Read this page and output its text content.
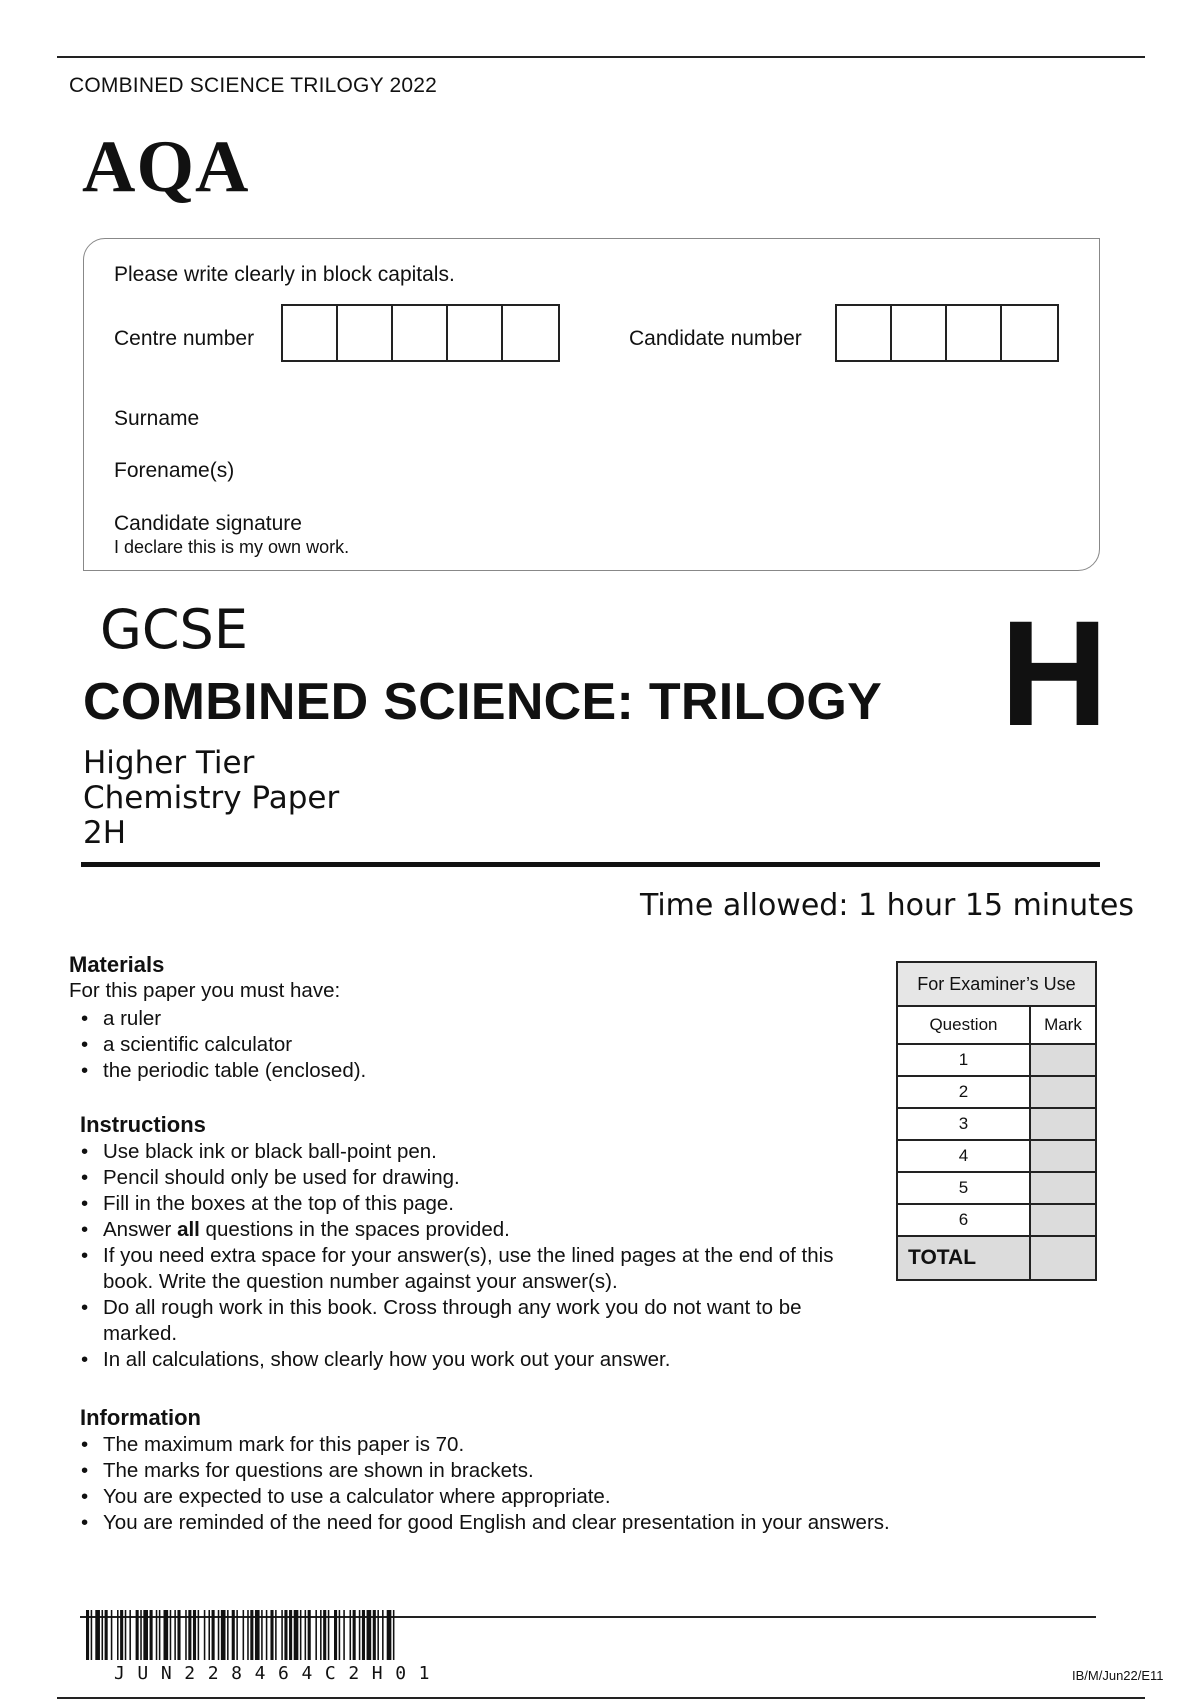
COMBINED SCIENCE TRILOGY 2022
AQA
Please write clearly in block capitals.
Centre number	Candidate number
Surname
Forename(s)
Candidate signature
I declare this is my own work.
GCSE
COMBINED SCIENCE: TRILOGY H
Higher Tier
Chemistry Paper
2H
Time allowed: 1 hour 15 minutes
Materials
For this paper you must have:
• a ruler
• a scientific calculator
• the periodic table (enclosed).
Instructions
• Use black ink or black ball-point pen.
• Pencil should only be used for drawing.
• Fill in the boxes at the top of this page.
• Answer all questions in the spaces provided.
• If you need extra space for your answer(s), use the lined pages at the end of this book. Write the question number against your answer(s).
• Do all rough work in this book. Cross through any work you do not want to be marked.
• In all calculations, show clearly how you work out your answer.
Information
• The maximum mark for this paper is 70.
• The marks for questions are shown in brackets.
• You are expected to use a calculator where appropriate.
• You are reminded of the need for good English and clear presentation in your answers.
For Examiner’s Use	
Question	Mark
1	
2	
3	
4	
5	
6	
TOTAL	
JUN228464C2H01	IB/M/Jun22/E11
